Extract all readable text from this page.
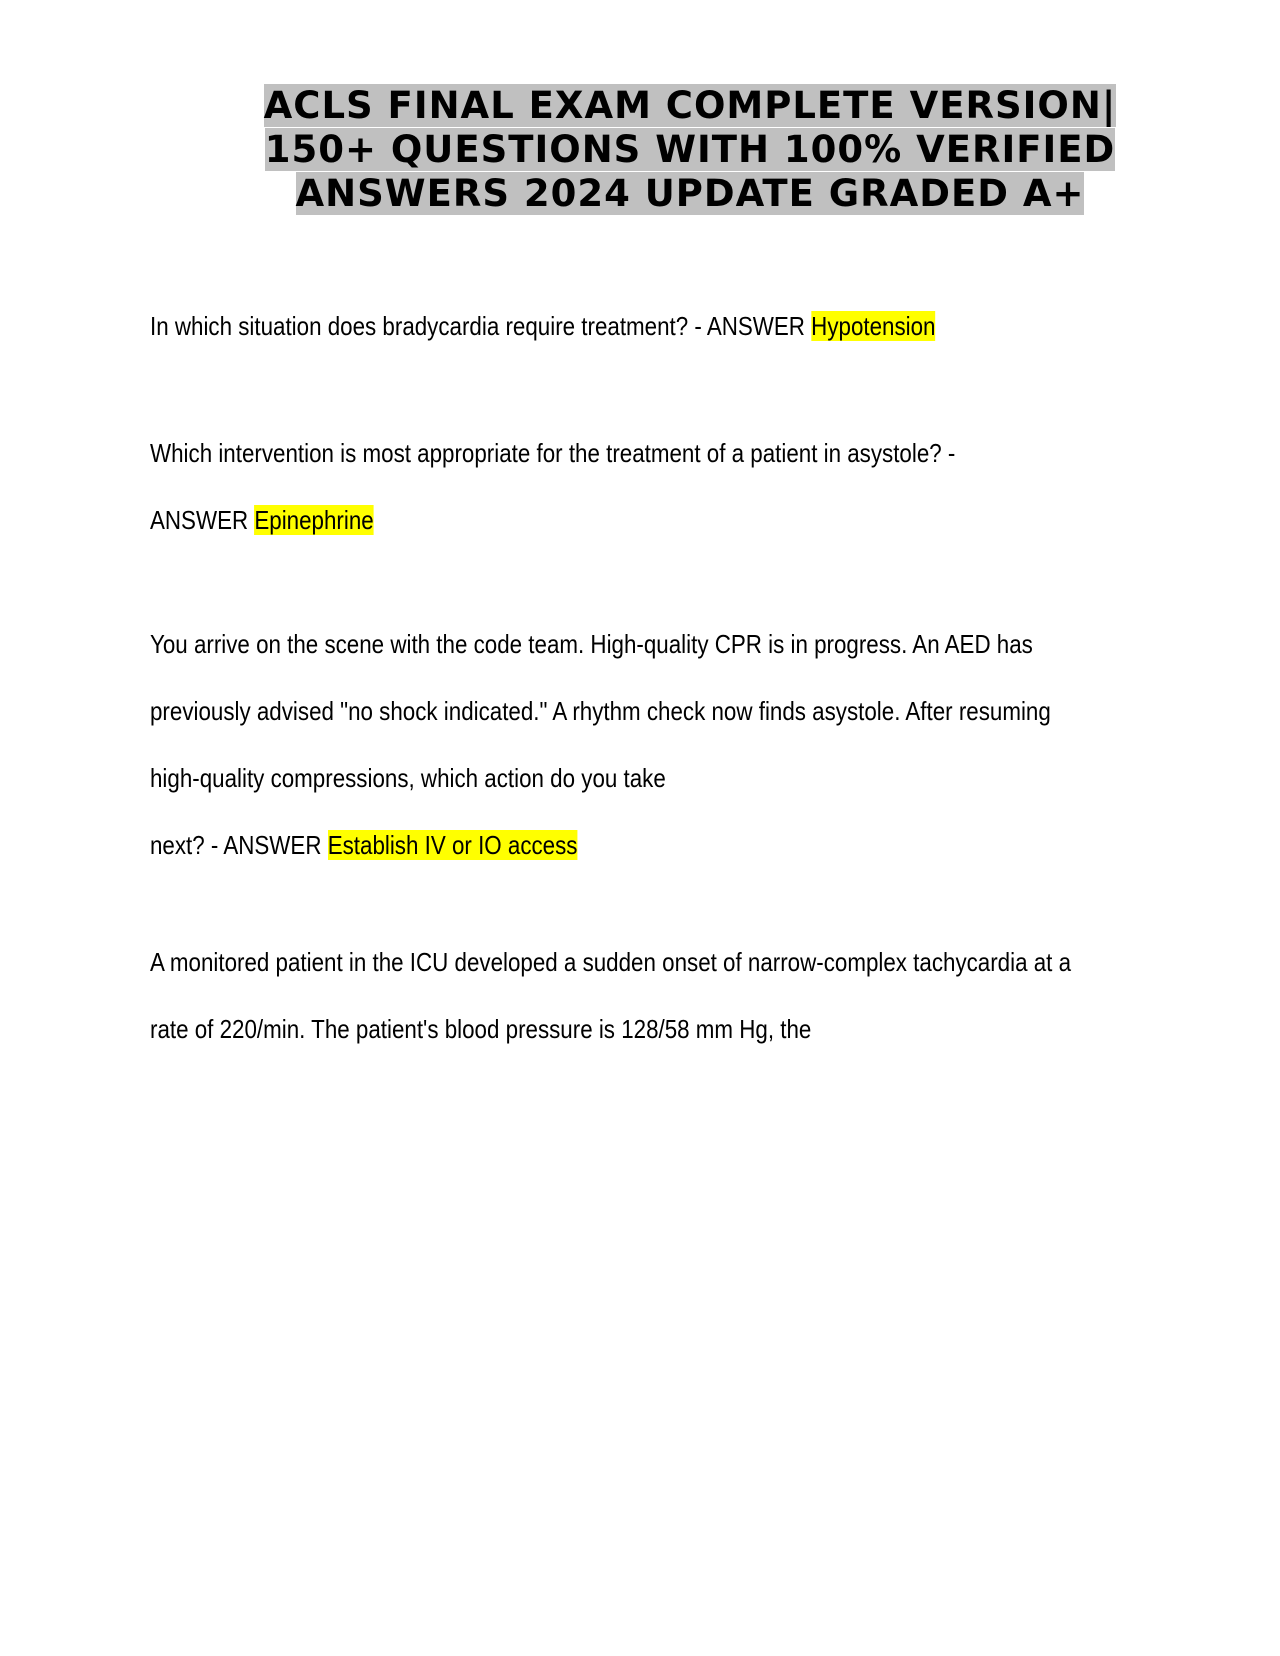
ACLS FINAL EXAM COMPLETE VERSION|
150+ QUESTIONS WITH 100% VERIFIED
ANSWERS 2024 UPDATE GRADED A+
In which situation does bradycardia require treatment? - ANSWER Hypotension
Which intervention is most appropriate for the treatment of a patient in asystole? -
ANSWER Epinephrine
You arrive on the scene with the code team. High-quality CPR is in progress. An AED has
previously advised "no shock indicated." A rhythm check now finds asystole. After resuming
high-quality compressions, which action do you take
next? - ANSWER Establish IV or IO access
A monitored patient in the ICU developed a sudden onset of narrow-complex tachycardia at a
rate of 220/min. The patient's blood pressure is 128/58 mm Hg, the
